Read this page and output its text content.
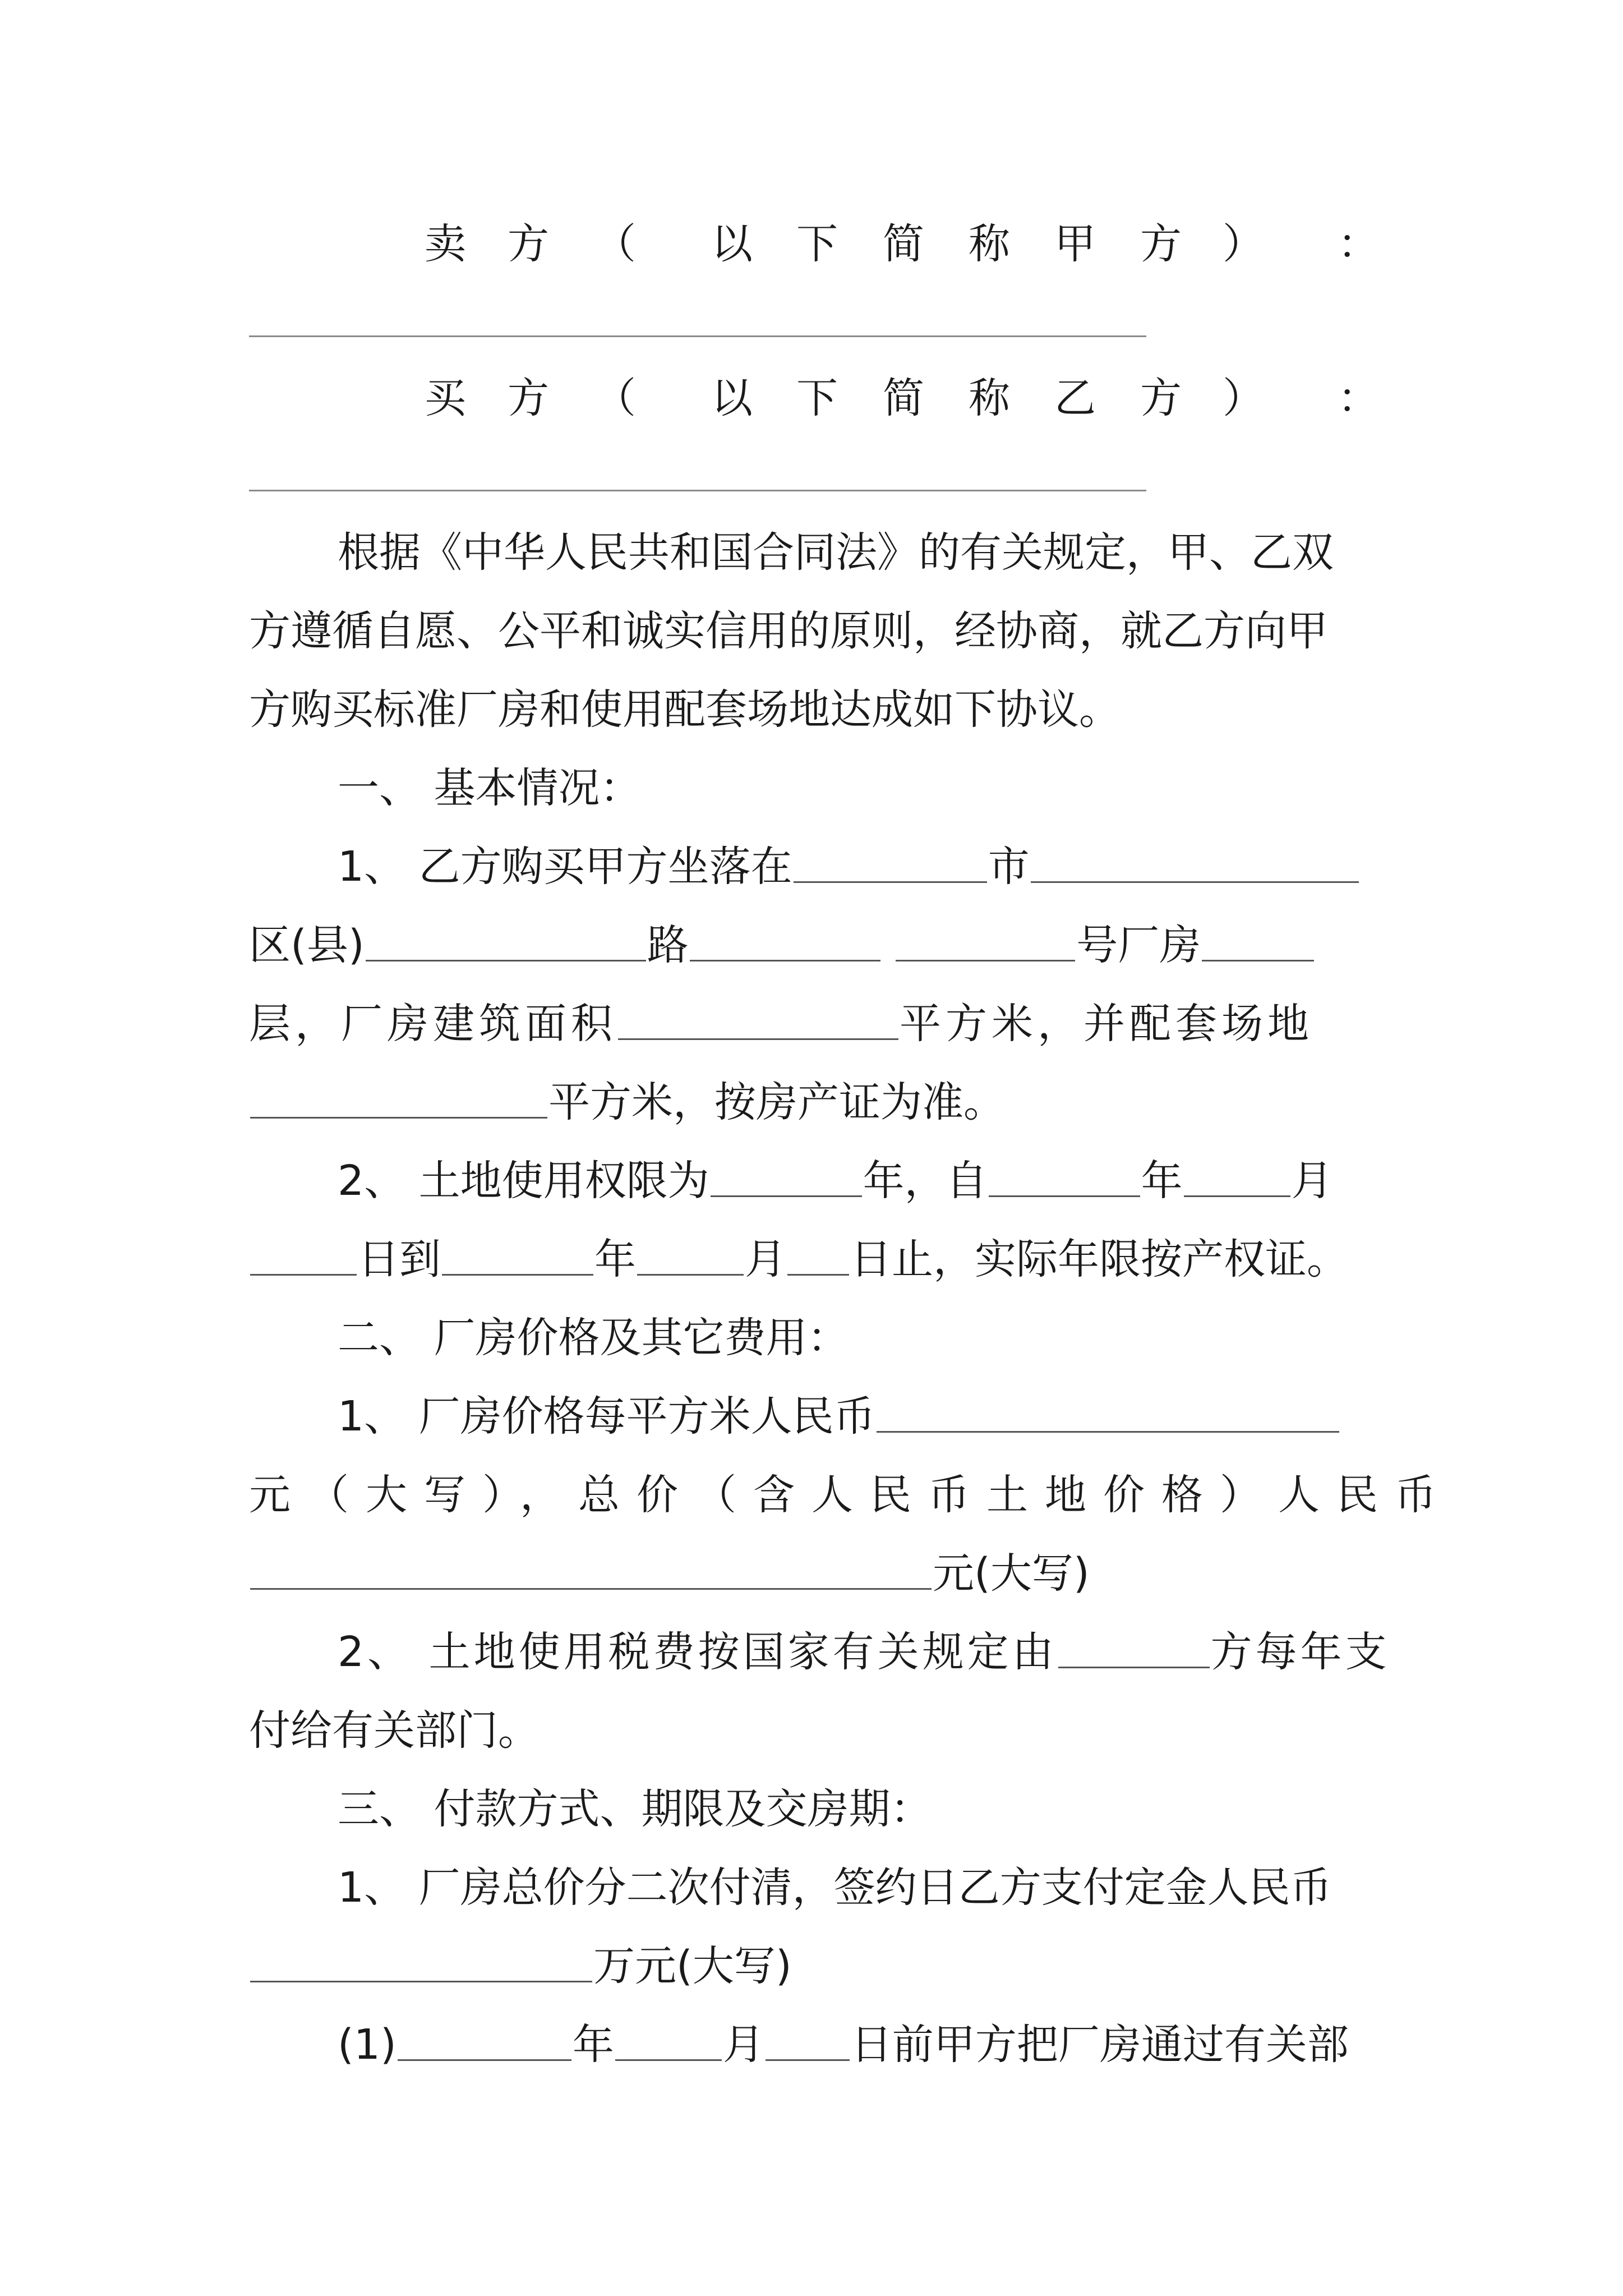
卖 方 （ 以 下 简 称 甲 方 ） ：
买 方 （ 以 下 简 称 乙 方 ） ：
根据《中华人民共和国合同法》的有关规定，甲、乙双
方遵循自愿、公平和诚实信用的原则，经协商，就乙方向甲
方购买标准厂房和使用配套场地达成如下协议。
一、 基本情况：
1、 乙方购买甲方坐落在	市
区(县)	路	号厂房
层，厂房建筑面积	平方米，并配套场地
平方米，按房产证为准。
2、 土地使用权限为	年，自	年	月
日到	年	月 日止，实际年限按产权证。
二、 厂房价格及其它费用：
1、 厂房价格每平方米人民币
元（大写），总价（含人民币土地价格）人民币
元(大写)
2、 土地使用税费按国家有关规定由	方每年支
付给有关部门。
三、 付款方式、期限及交房期：
1、 厂房总价分二次付清，签约日乙方支付定金人民币
万元(大写)
(1)	年	月 日前甲方把厂房通过有关部
